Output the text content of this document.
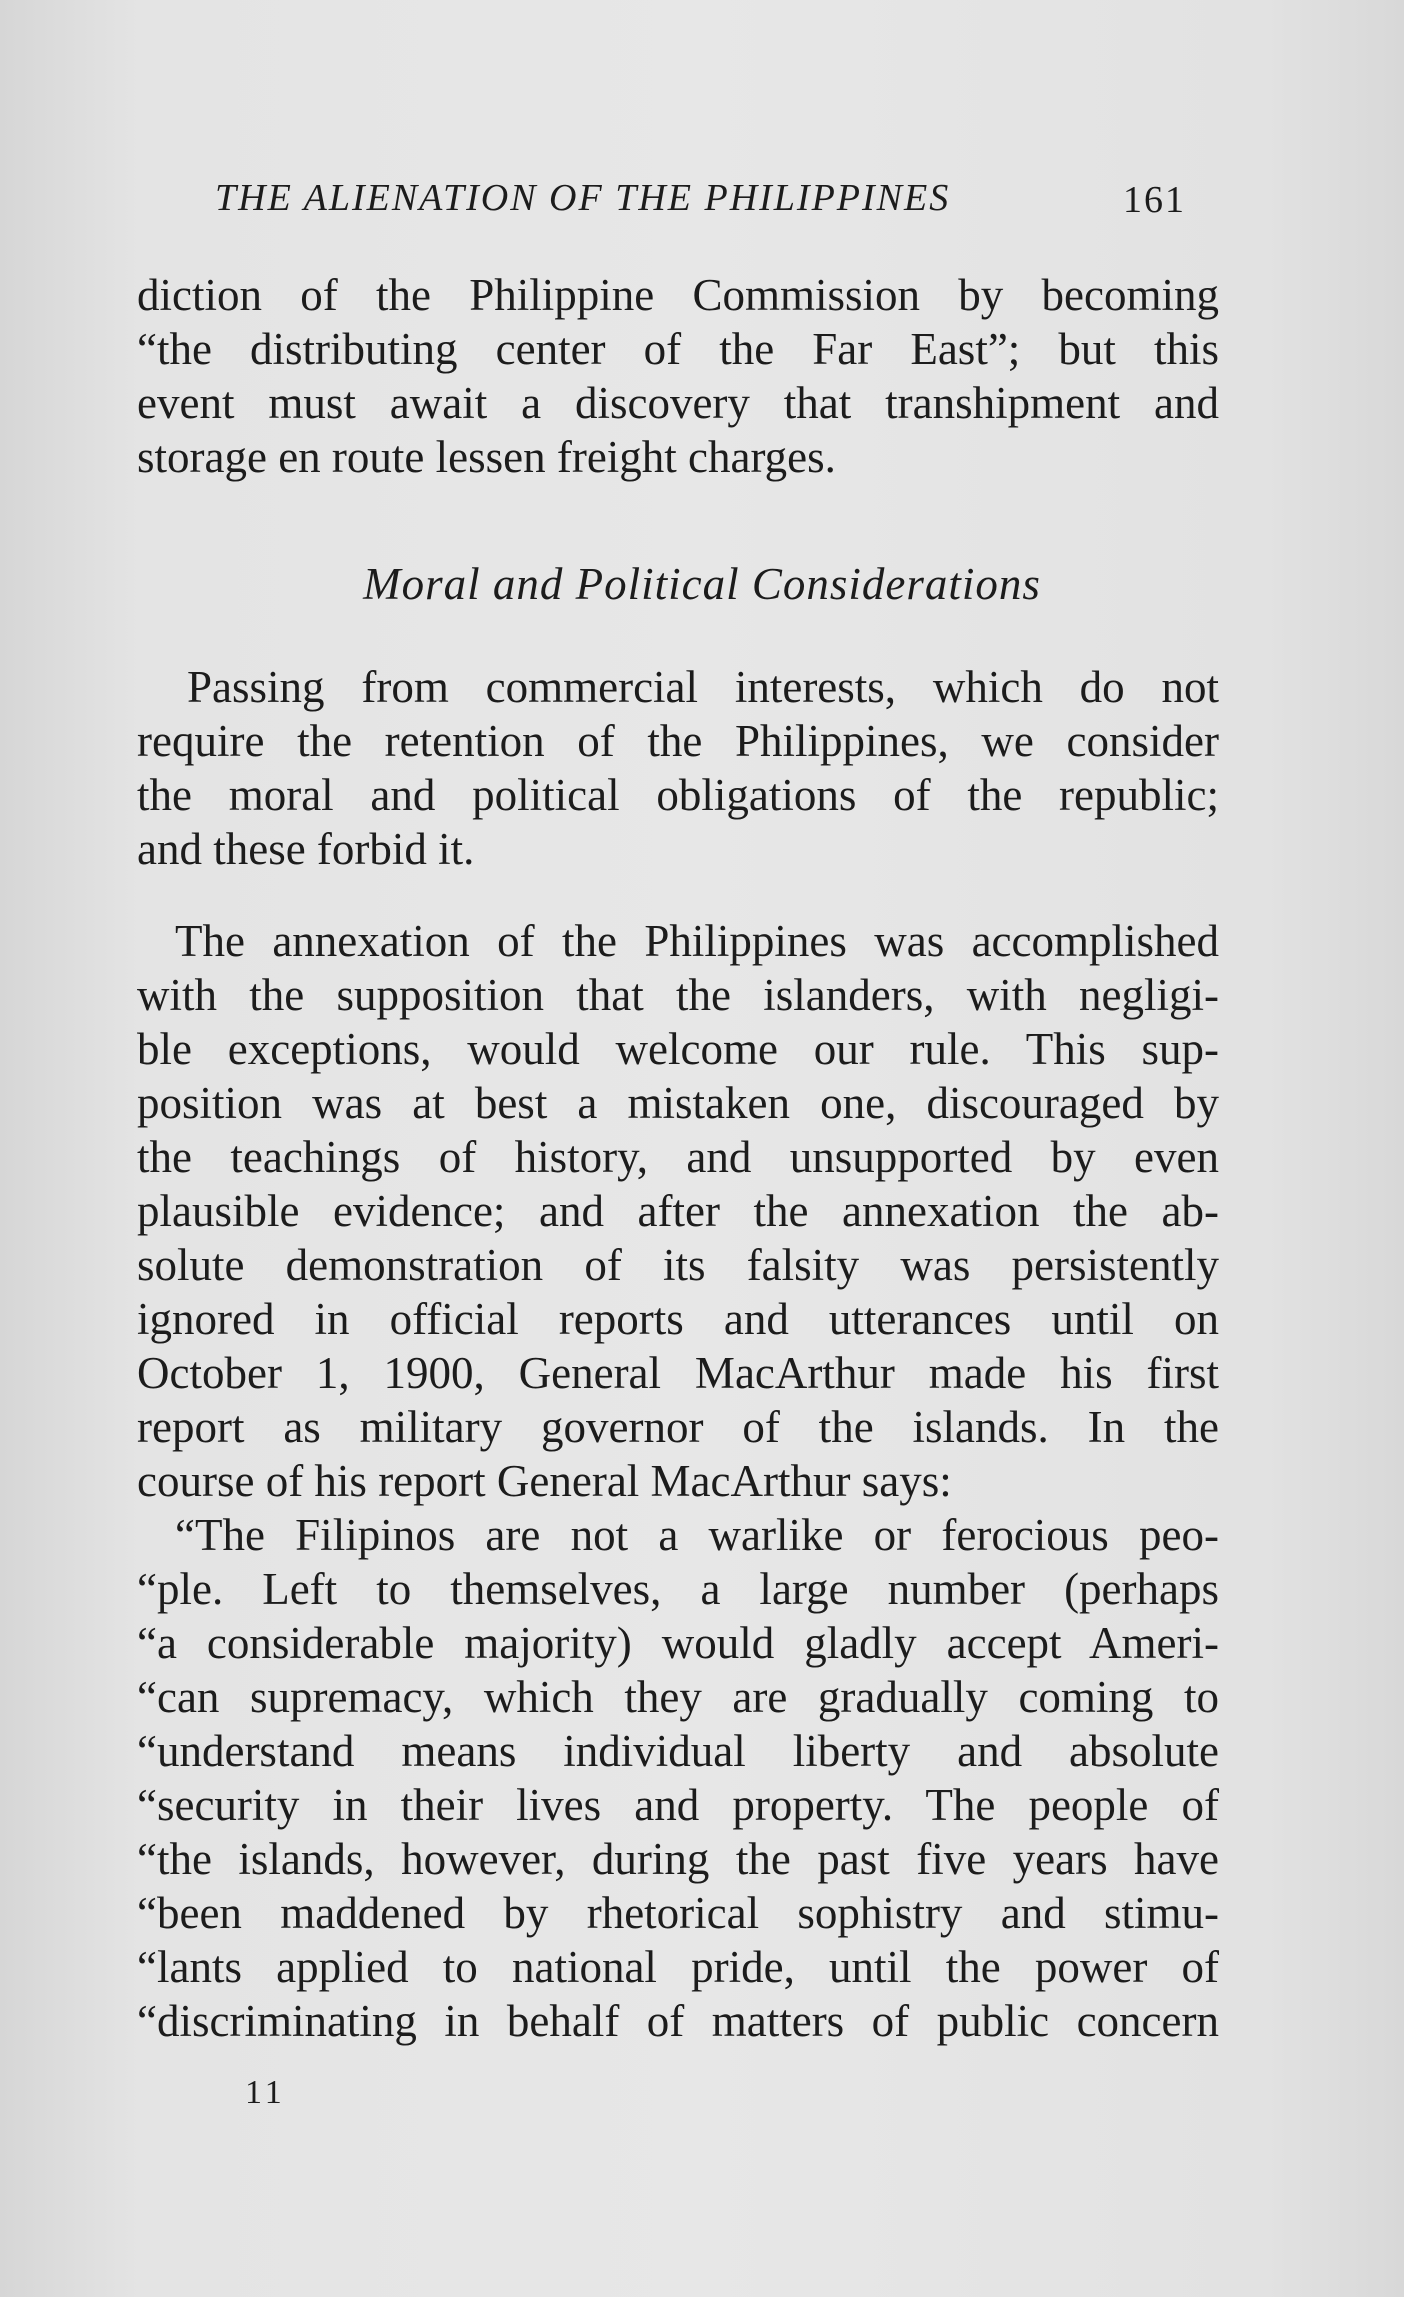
THE ALIENATION OF THE PHILIPPINES	161
diction of the Philippine Commission by becoming
“the distributing center of the Far East”; but this
event must await a discovery that transhipment and
storage en route lessen freight charges.
Moral and Political Considerations
Passing from commercial interests, which do not
require the retention of the Philippines, we consider
the moral and political obligations of the republic;
and these forbid it.
The annexation of the Philippines was accomplished
with the supposition that the islanders, with negligi-
ble exceptions, would welcome our rule. This sup-
position was at best a mistaken one, discouraged by
the teachings of history, and unsupported by even
plausible evidence; and after the annexation the ab-
solute demonstration of its falsity was persistently
ignored in official reports and utterances until on
October 1, 1900, General MacArthur made his first
report as military governor of the islands. In the
course of his report General MacArthur says:
“The Filipinos are not a warlike or ferocious peo-
“ple. Left to themselves, a large number (perhaps
“a considerable majority) would gladly accept Ameri-
“can supremacy, which they are gradually coming to
“understand means individual liberty and absolute
“security in their lives and property. The people of
“the islands, however, during the past five years have
“been maddened by rhetorical sophistry and stimu-
“lants applied to national pride, until the power of
“discriminating in behalf of matters of public concern
11
